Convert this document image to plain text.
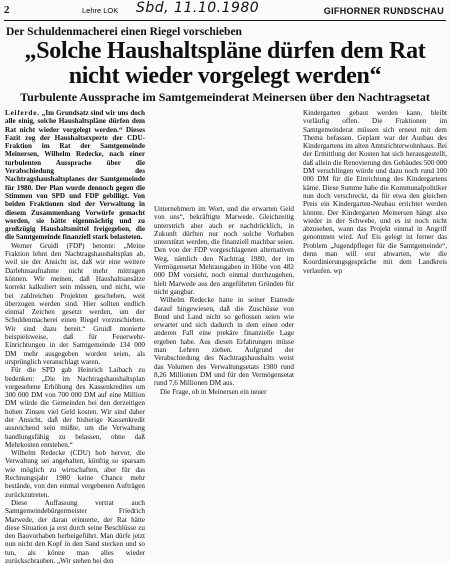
2	Lehre LOK Sbd, 11.10.1980	GIFHORNER RUNDSCHAU
Der Schuldenmacherei einen Riegel vorschieben
„Solche Haushaltspläne dürfen dem Rat nicht wieder vorgelegt werden“
Turbulente Aussprache im Samtgemeinderat Meinersen über den Nachtragsetat

Leiferde. „Im Grundsatz sind wir uns doch alle einig, solche Haushaltspläne dürfen dem Rat nicht wieder vorgelegt werden.“ Dieses Fazit zog der Haushaltsexperte der CDU-Fraktion im Rat der Samtgemeinde Meinersen, Wilhelm Redecke, nach einer turbulenten Aussprache über die Verabschiedung des Nachtragshaushaltsplanes der Samtgemeinde für 1980. Der Plan wurde dennoch gegen die Stimmen von SPD und FDP gebilligt. Von beiden Fraktionen sind der Verwaltung in diesem Zusammenhang Vorwürfe gemacht worden, sie hätte eigenmächtig und zu großzügig Haushaltsmittel freigegeben, die die Samtgemeinde finanziell stark belasteten.

Werner Gruidl (FDP) betonte: „Meine Fraktion lehnt den Nachtragshaushaltsplan ab, weil sie der Ansicht ist, daß wir eine weitere Darlehnsaufnahme nicht mehr mittragen können. Wir meinen, daß Haushaltsansätze korrekt kalkuliert sein müssen, und nicht, wie bei zahlreichen Projekten geschehen, weit überzogen werden sind. Hier sollten endlich einmal Zeichen gesetzt werden, um der Schuldenmacherei einen Riegel vorzuschieben. Wir sind dazu bereit.“ Gruidl monierte beispielsweise, daß für Feuerwehr-Einrichtungen in der Samtgemeinde 134 000 DM mehr ausgegeben worden seien, als ursprünglich veranschlagt waren.

Für die SPD gab Heinrich Laibach zu bedenken: „Die im Nachtragshaushaltsplan vorgesehene Erhöhung des Kassenkredites um 300 000 DM von 700 000 DM auf eine Million DM würde die Gemeinden bei den derzeitigen hohen Zinsen viel Geld kosten. Wir sind daher der Ansicht, daß der bisherige Kassenkredit ausreichend sein müßte, um die Verwaltung handlungsfähig zu belassen, ohne daß Mehrkosten entstehen.“

Wilhelm Redecke (CDU) hob hervor, die Verwaltung sei angehalten, künftig so sparsam wie möglich zu wirtschaften, aber für das Rechnungsjahr 1980 keine Chance mehr bestände, von den einmal vergebenen Aufträgen zurückzutreten.

Diese Auffassung vertrat auch Samtgemeindebürgermeister Friedrich Marwede, der daran erinnerte, der Rat hätte diese Situation ja erst durch seine Beschlüsse zu den Bauvorhaben herbeigeführt. Man dürfe jetzt nun nicht den Kopf in den Sand stecken und so tun, als könne man alles wieder zurückschrauben. „Wir stehen bei den

Unternehmern im Wort, und die erwarten Geld von uns“, bekräftigte Marwede. Gleichzeitig unterstrich aber auch er nachdrücklich, in Zukunft dürften nur noch solche Vorhaben unterstützt werden, die finanziell machbar seien. Den von der FDP vorgeschlagenen alternativen Weg, nämlich den Nachtrag 1980, der im Vermögensetat Mehrausgaben in Höhe von 482 000 DM vorsieht, noch einmal durchzugehen, hielt Marwede aus den angeführten Gründen für nicht gangbar.

Wilhelm Redecke hatte in seiner Etatrede darauf hingewiesen, daß die Zuschüsse von Bund und Land nicht so geflossen seien wie erwartet und sich dadurch in dem einen oder anderen Fall eine prekäre finanzielle Lage ergeben habe. Aus diesen Erfahrungen müsse man Lehren ziehen. Aufgrund der Verabschiedung des Nachtragshaushalts weist das Volumen des Verwaltungsetats 1980 rund 8,26 Millionen DM und für den Vermögensetat rund 7,6 Millionen DM aus.

Die Frage, ob in Meinersen ein neuer

Kindergarten gebaut werden kann, bleibt vorläufig offen. Die Fraktionen im Samtgemeinderat müssen sich erneut mit dem Thema befassen. Geplant war der Ausbau des Kindergartens im alten Amtsrichterwohnhaus. Bei der Ermittlung der Kosten hat sich herausgestellt, daß allein die Renovierung des Gebäudes 500 000 DM verschlingen würde und dazu noch rund 100 000 DM für die Einrichtung des Kindergartens käme. Diese Summe habe die Kommunalpolitiker nun doch verschreckt, da für etwa den gleichen Preis ein Kindergarten-Neubau errichtet werden könnte. Der Kindergarten Meinersen hängt also wieder in der Schwebe, und es ist noch nicht abzusehen, wann das Projekt einmal in Angriff genommen wird. Auf Eis gelegt ist ferner das Problem „Jugendpfleger für die Samtgemeinde“, denn man will erst abwarten, wie die Koordinierungsgespräche mit dem Landkreis verlaufen. wp
